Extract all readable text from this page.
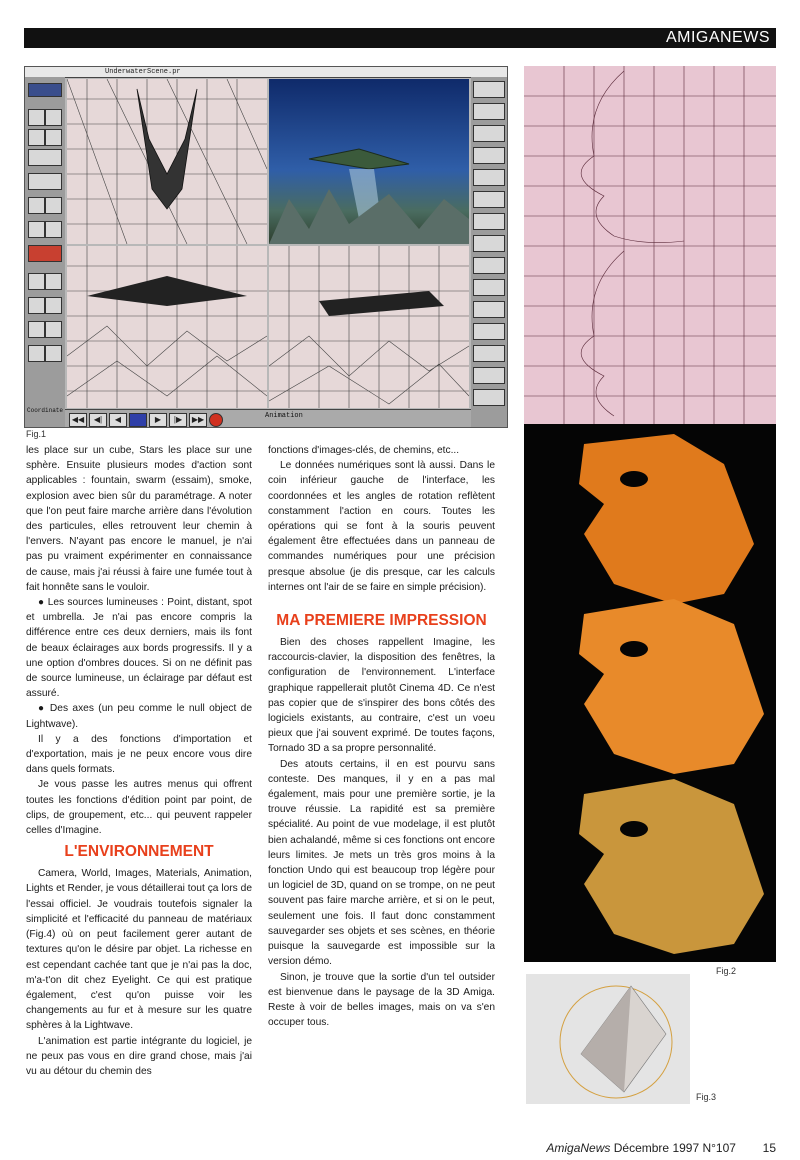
AMIGANEWS
UnderwaterScene.pr
Coordinate
◀◀	◀|	◀	▶	|▶	▶▶	Animation
Fig.1
Fig.2
Fig.3

les place sur un cube, Stars les place sur une sphère. Ensuite plusieurs modes d'action sont applicables : fountain, swarm (essaim), smoke, explosion avec bien sûr du paramétrage. A noter que l'on peut faire marche arrière dans l'évolution des particules, elles retrouvent leur chemin à l'envers. N'ayant pas encore le manuel, je n'ai pas pu vraiment expérimenter en connaissance de cause, mais j'ai réussi à faire une fumée tout à fait honnête sans le vouloir.

● Les sources lumineuses : Point, distant, spot et umbrella. Je n'ai pas encore compris la différence entre ces deux derniers, mais ils font de beaux éclairages aux bords progressifs. Il y a une option d'ombres douces. Si on ne définit pas de source lumineuse, un éclairage par défaut est assuré.

● Des axes (un peu comme le null object de Lightwave).

Il y a des fonctions d'importation et d'exportation, mais je ne peux encore vous dire dans quels formats.

Je vous passe les autres menus qui offrent toutes les fonctions d'édition point par point, de clips, de groupement, etc... qui peuvent rappeler celles d'Imagine.

L'ENVIRONNEMENT

Camera, World, Images, Materials, Animation, Lights et Render, je vous détaillerai tout ça lors de l'essai officiel. Je voudrais toutefois signaler la simplicité et l'efficacité du panneau de matériaux (Fig.4) où on peut facilement gerer autant de textures qu'on le désire par objet. La richesse en est cependant cachée tant que je n'ai pas la doc, m'a-t'on dit chez Eyelight. Ce qui est pratique également, c'est qu'on puisse voir les changements au fur et à mesure sur les quatre sphères à la Lightwave.

L'animation est partie intégrante du logiciel, je ne peux pas vous en dire grand chose, mais j'ai vu au détour du chemin des

fonctions d'images-clés, de chemins, etc...

Le données numériques sont là aussi. Dans le coin inférieur gauche de l'interface, les coordonnées et les angles de rotation reflètent constamment l'action en cours. Toutes les opérations qui se font à la souris peuvent également être effectuées dans un panneau de commandes numériques pour une précision presque absolue (je dis presque, car les calculs internes ont l'air de se faire en simple précision).

MA PREMIERE IMPRESSION

Bien des choses rappellent Imagine, les raccourcis-clavier, la disposition des fenêtres, la configuration de l'environnement. L'interface graphique rappellerait plutôt Cinema 4D. Ce n'est pas copier que de s'inspirer des bons côtés des logiciels existants, au contraire, c'est un voeu pieux que j'ai souvent exprimé. De toutes façons, Tornado 3D a sa propre personnalité.

Des atouts certains, il en est pourvu sans conteste. Des manques, il y en a pas mal également, mais pour une première sortie, je la trouve réussie. La rapidité est sa première spécialité. Au point de vue modelage, il est plutôt bien achalandé, même si ces fonctions ont encore leurs limites. Je mets un très gros moins à la fonction Undo qui est beaucoup trop légère pour un logiciel de 3D, quand on se trompe, on ne peut souvent pas faire marche arrière, et si on le peut, seulement une fois. Il faut donc constamment sauvegarder ses objets et ses scènes, en théorie puisque la sauvegarde est impossible sur la version démo.

Sinon, je trouve que la sortie d'un tel outsider est bienvenue dans le paysage de la 3D Amiga. Reste à voir de belles images, mais on va s'en occuper tous.

AmigaNews Décembre 1997 N°107 15
